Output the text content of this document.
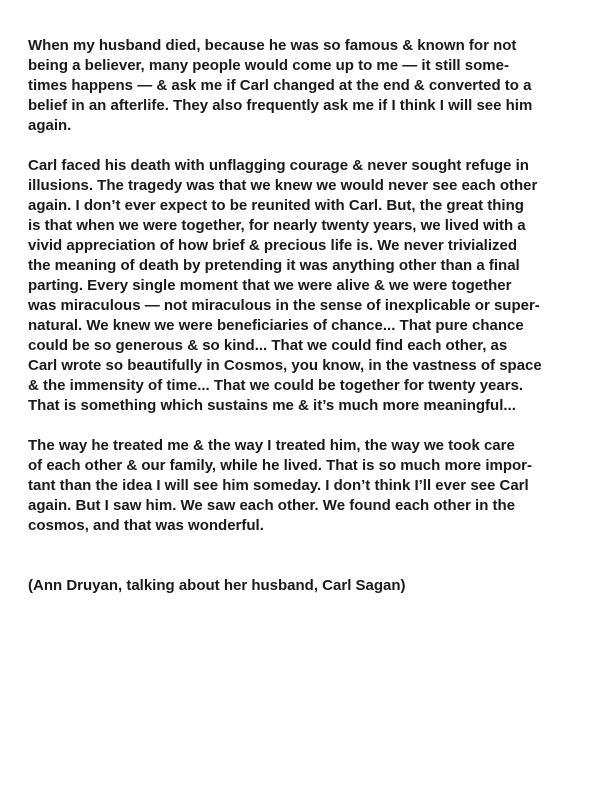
When my husband died, because he was so famous & known for not
being a believer, many people would come up to me — it still some-
times happens — & ask me if Carl changed at the end & converted to a
belief in an afterlife. They also frequently ask me if I think I will see him
again.
Carl faced his death with unflagging courage & never sought refuge in
illusions. The tragedy was that we knew we would never see each other
again. I don’t ever expect to be reunited with Carl. But, the great thing
is that when we were together, for nearly twenty years, we lived with a
vivid appreciation of how brief & precious life is. We never trivialized
the meaning of death by pretending it was anything other than a final
parting. Every single moment that we were alive & we were together
was miraculous — not miraculous in the sense of inexplicable or super-
natural. We knew we were beneficiaries of chance... That pure chance
could be so generous & so kind... That we could find each other, as
Carl wrote so beautifully in Cosmos, you know, in the vastness of space
& the immensity of time... That we could be together for twenty years.
That is something which sustains me & it’s much more meaningful...
The way he treated me & the way I treated him, the way we took care
of each other & our family, while he lived. That is so much more impor-
tant than the idea I will see him someday. I don’t think I’ll ever see Carl
again. But I saw him. We saw each other. We found each other in the
cosmos, and that was wonderful.
(Ann Druyan, talking about her husband, Carl Sagan)
